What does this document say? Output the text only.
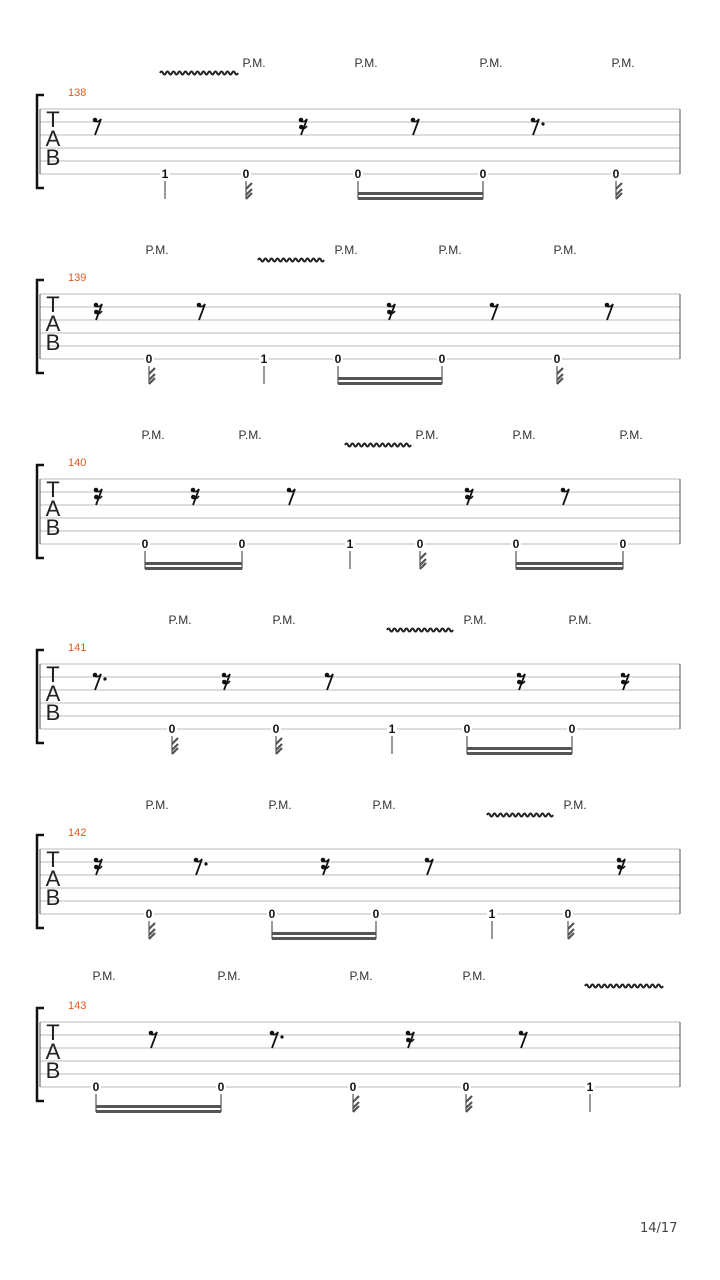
138
T
A
B
P.M.	P.M.	P.M.	P.M.
1	0	0	0	0
139
T
A
B
P.M.	P.M.	P.M.	P.M.
0	1	0	0	0
140
T
A
B
P.M.	P.M.	P.M.	P.M.	P.M.
0	0	1	0	0	0
141
T
A
B
P.M.	P.M.	P.M.	P.M.
0	0	1	0	0
142
T
A
B
P.M.	P.M.	P.M.	P.M.
0	0	0	1	0
143
T
A
B
P.M.	P.M.	P.M.	P.M.
0	0	0	0	1
14/17
